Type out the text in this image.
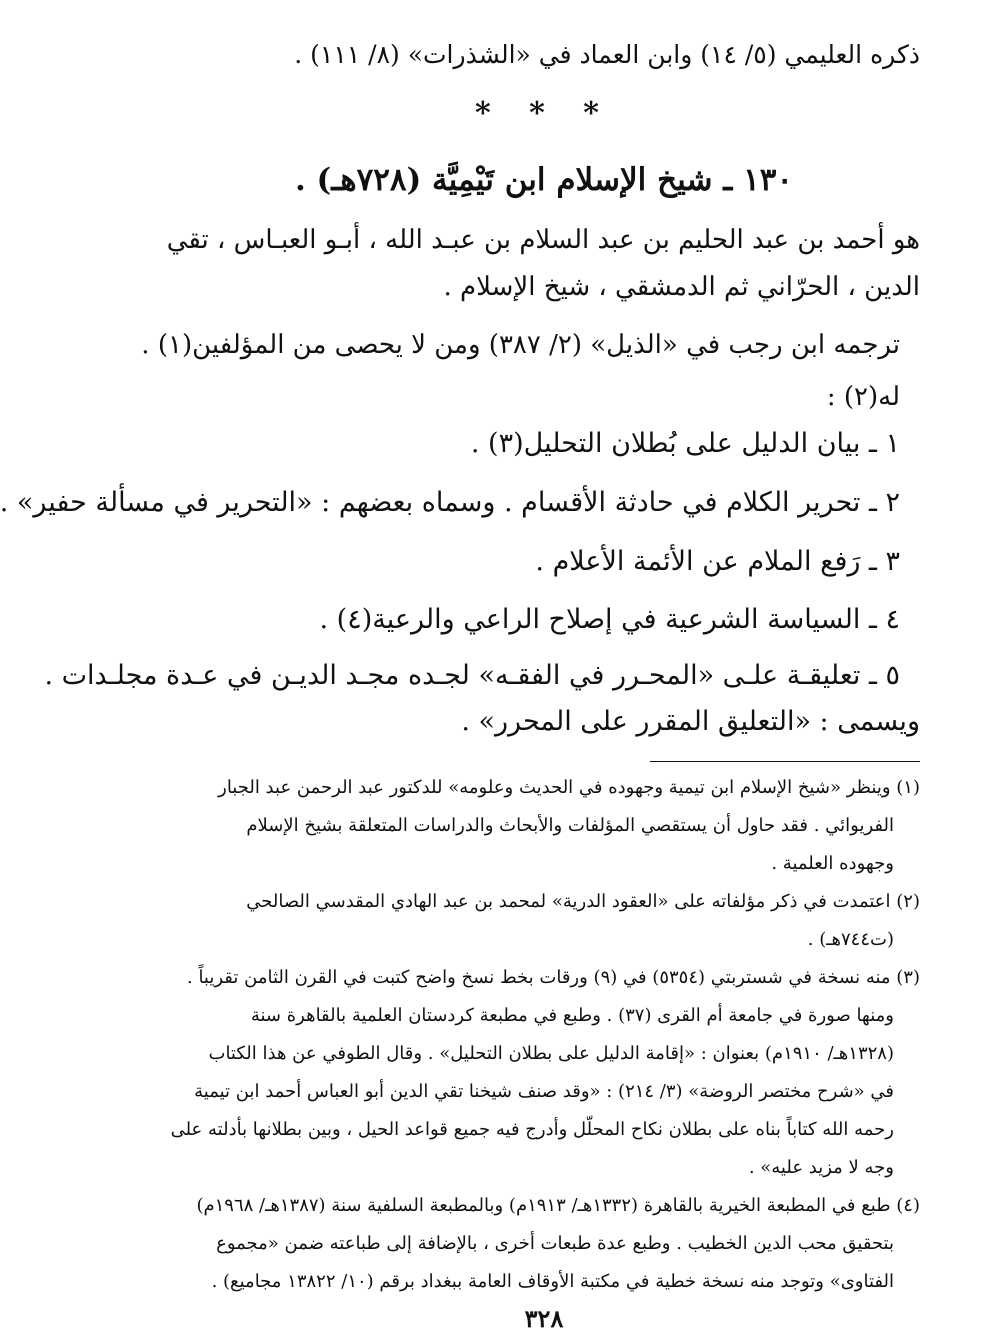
ذكره العليمي (٥/ ١٤) وابن العماد في «الشذرات» (٨/ ١١١) .
* * *
١٣٠ ـ شيخ الإسلام ابن تَيْمِيَّة (٧٢٨هـ) .
هو أحمد بن عبد الحليم بن عبد السلام بن عبـد الله ، أبـو العبـاس ، تقي
الدين ، الحرّاني ثم الدمشقي ، شيخ الإسلام .
ترجمه ابن رجب في «الذيل» (٢/ ٣٨٧) ومن لا يحصى من المؤلفين(١) .
له(٢) :
١ ـ بيان الدليل على بُطلان التحليل(٣) .
٢ ـ تحرير الكلام في حادثة الأقسام . وسماه بعضهم : «التحرير في مسألة حفير» .
٣ ـ رَفع الملام عن الأئمة الأعلام .
٤ ـ السياسة الشرعية في إصلاح الراعي والرعية(٤) .
٥ ـ تعليقـة علـى «المحـرر في الفقـه» لجـده مجـد الديـن في عـدة مجلـدات .
ويسمى : «التعليق المقرر على المحرر» .
(١) وينظر «شيخ الإسلام ابن تيمية وجهوده في الحديث وعلومه» للدكتور عبد الرحمن عبد الجبار
الفريوائي . فقد حاول أن يستقصي المؤلفات والأبحاث والدراسات المتعلقة بشيخ الإسلام
وجهوده العلمية .
(٢) اعتمدت في ذكر مؤلفاته على «العقود الدرية» لمحمد بن عبد الهادي المقدسي الصالحي
(ت٧٤٤هـ) .
(٣) منه نسخة في شستربتي (٥٣٥٤) في (٩) ورقات بخط نسخ واضح كتبت في القرن الثامن تقريباً .
ومنها صورة في جامعة أم القرى (٣٧) . وطبع في مطبعة كردستان العلمية بالقاهرة سنة
(١٣٢٨هـ/ ١٩١٠م) بعنوان : «إقامة الدليل على بطلان التحليل» . وقال الطوفي عن هذا الكتاب
في «شرح مختصر الروضة» (٣/ ٢١٤) : «وقد صنف شيخنا تقي الدين أبو العباس أحمد ابن تيمية
رحمه الله كتاباً بناه على بطلان نكاح المحلّل وأدرج فيه جميع قواعد الحيل ، وبين بطلانها بأدلته على
وجه لا مزيد عليه» .
(٤) طبع في المطبعة الخيرية بالقاهرة (١٣٣٢هـ/ ١٩١٣م) وبالمطبعة السلفية سنة (١٣٨٧هـ/ ١٩٦٨م)
بتحقيق محب الدين الخطيب . وطبع عدة طبعات أخرى ، بالإضافة إلى طباعته ضمن «مجموع
الفتاوى» وتوجد منه نسخة خطية في مكتبة الأوقاف العامة ببغداد برقم (١٠/ ١٣٨٢٢ مجاميع) .
٣٢٨
